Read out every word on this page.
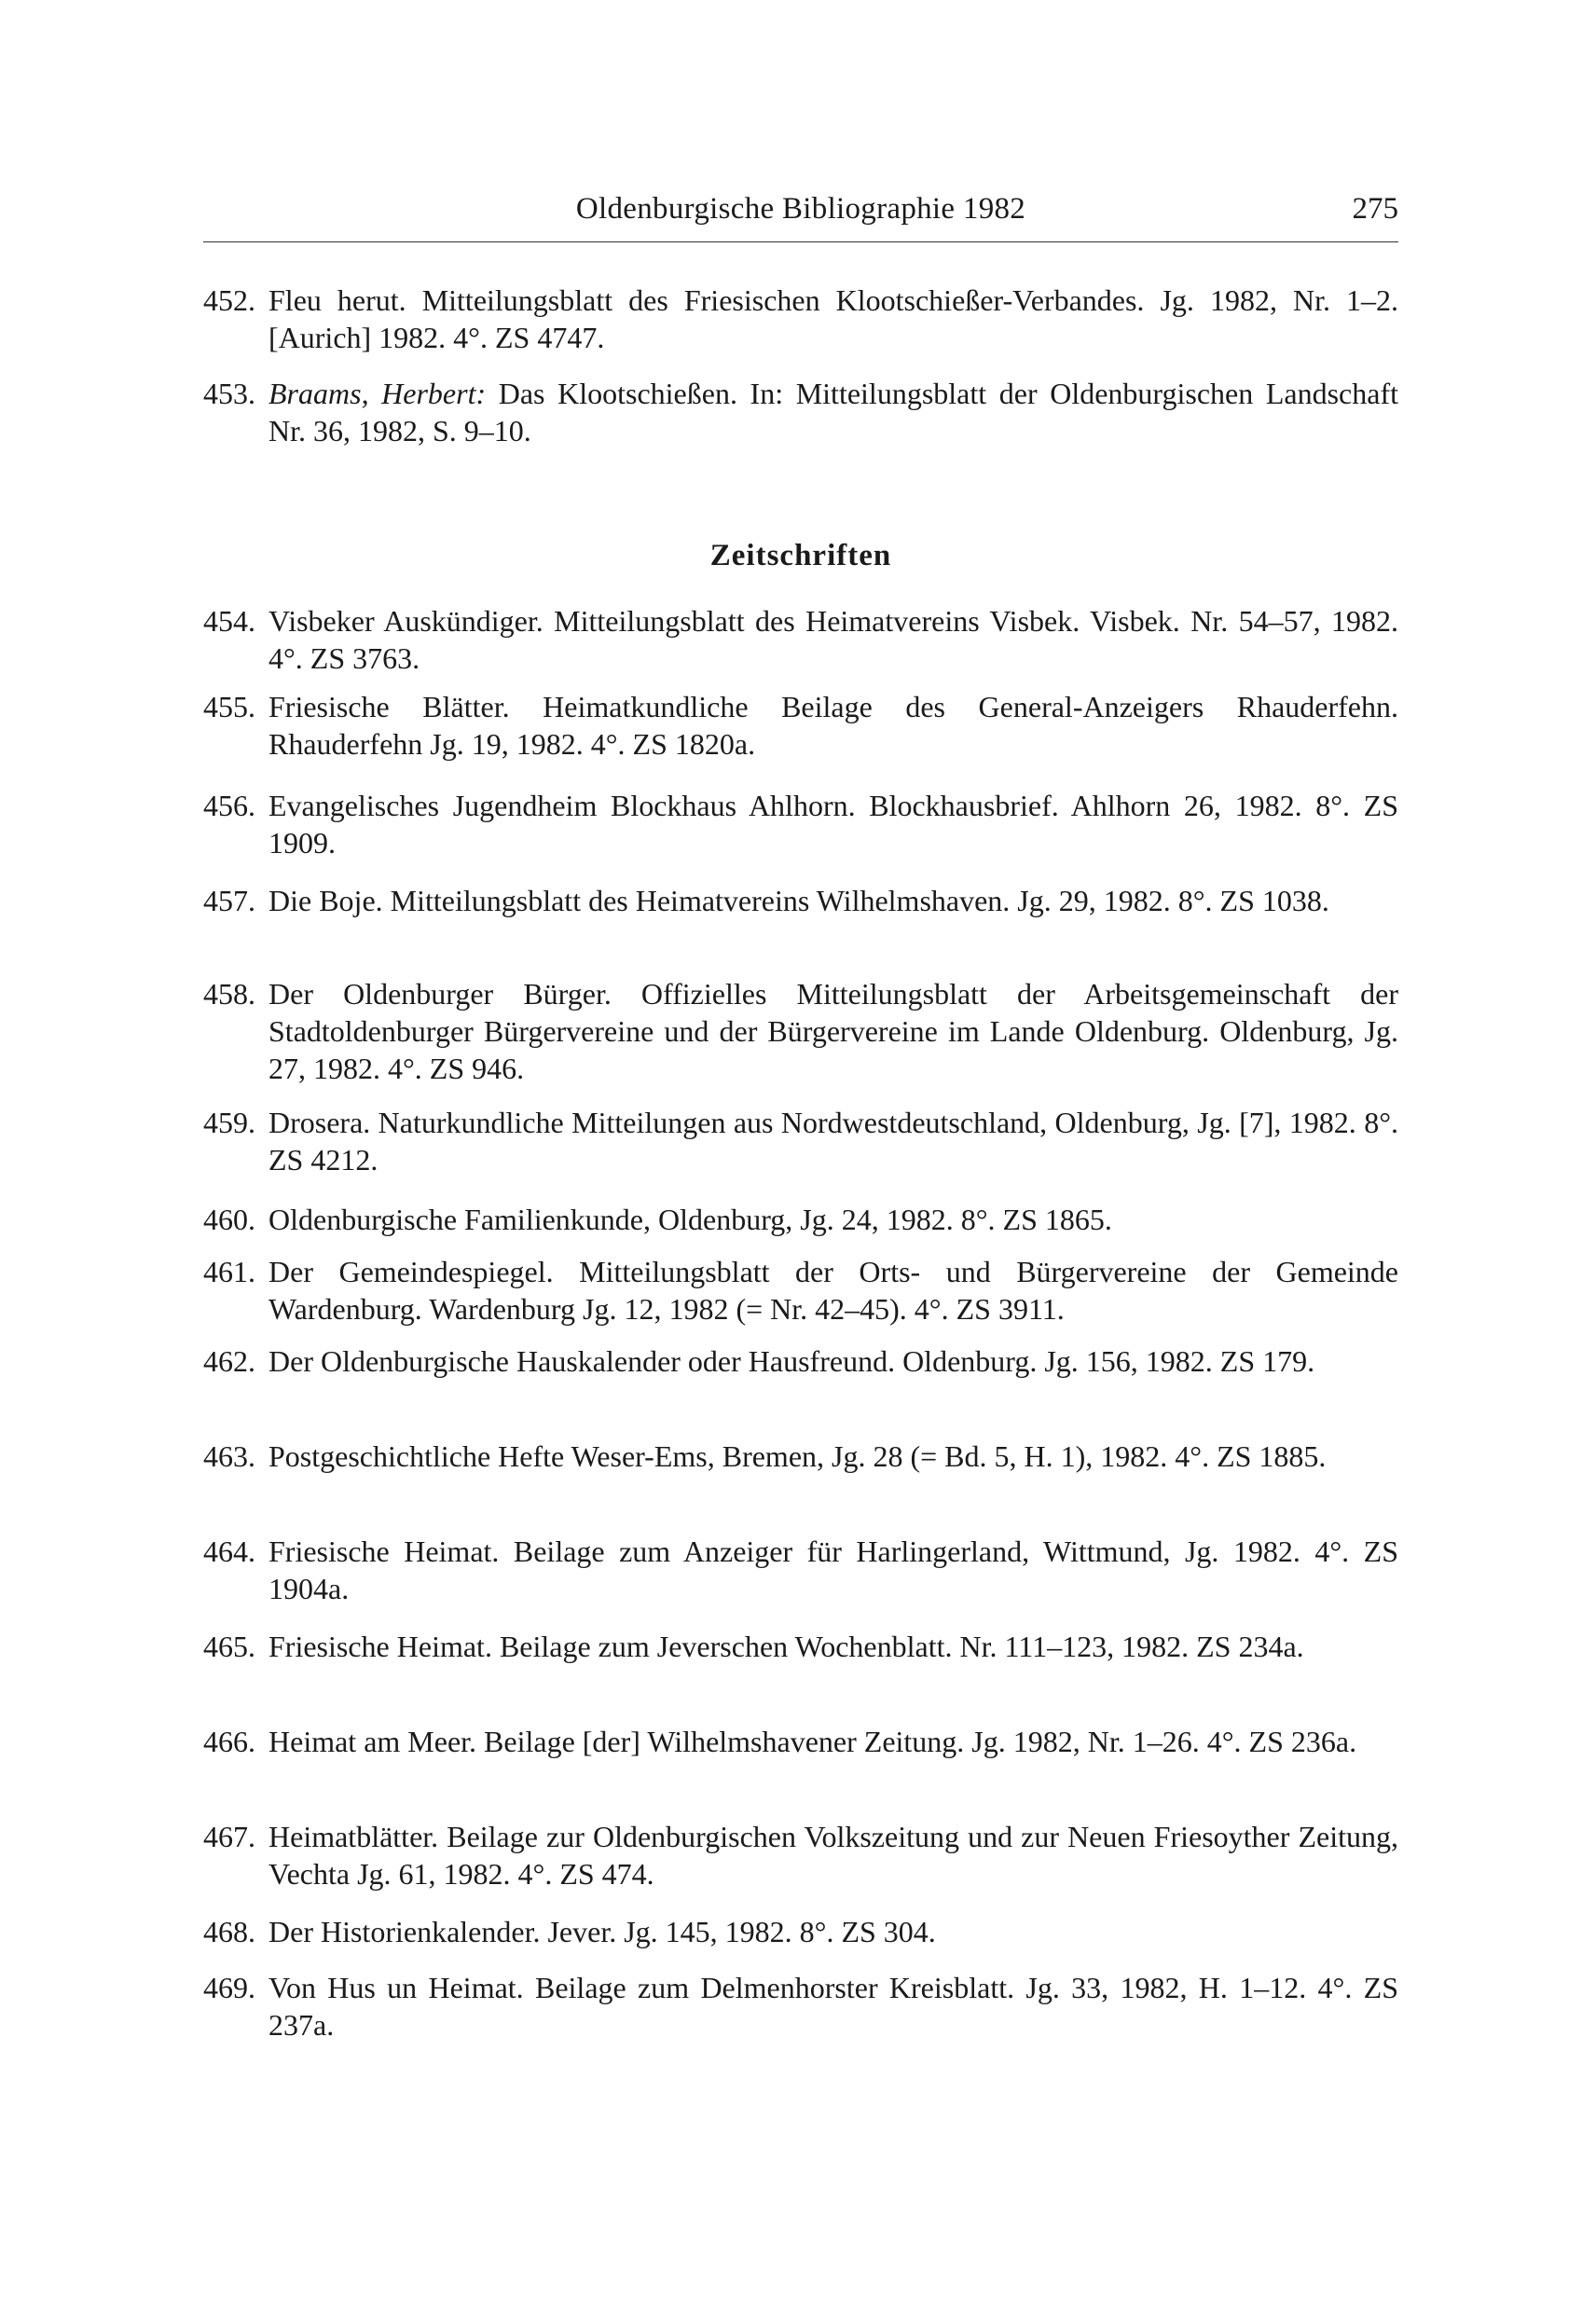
Oldenburgische Bibliographie 1982	275
Zeitschriften
452. Fleu herut. Mitteilungsblatt des Friesischen Klootschießer-Verbandes. Jg. 1982, Nr. 1–2. [Aurich] 1982. 4°. ZS 4747.
453. Braams, Herbert: Das Klootschießen. In: Mitteilungsblatt der Oldenburgischen Landschaft Nr. 36, 1982, S. 9–10.
454. Visbeker Auskündiger. Mitteilungsblatt des Heimatvereins Visbek. Visbek. Nr. 54–57, 1982. 4°. ZS 3763.
455. Friesische Blätter. Heimatkundliche Beilage des General-Anzeigers Rhauderfehn. Rhauderfehn Jg. 19, 1982. 4°. ZS 1820a.
456. Evangelisches Jugendheim Blockhaus Ahlhorn. Blockhausbrief. Ahlhorn 26, 1982. 8°. ZS 1909.
457. Die Boje. Mitteilungsblatt des Heimatvereins Wilhelmshaven. Jg. 29, 1982. 8°. ZS 1038.
458. Der Oldenburger Bürger. Offizielles Mitteilungsblatt der Arbeitsgemeinschaft der Stadtoldenburger Bürgervereine und der Bürgervereine im Lande Oldenburg. Oldenburg, Jg. 27, 1982. 4°. ZS 946.
459. Drosera. Naturkundliche Mitteilungen aus Nordwestdeutschland, Oldenburg, Jg. [7], 1982. 8°. ZS 4212.
460. Oldenburgische Familienkunde, Oldenburg, Jg. 24, 1982. 8°. ZS 1865.
461. Der Gemeindespiegel. Mitteilungsblatt der Orts- und Bürgervereine der Gemeinde Wardenburg. Wardenburg Jg. 12, 1982 (= Nr. 42–45). 4°. ZS 3911.
462. Der Oldenburgische Hauskalender oder Hausfreund. Oldenburg. Jg. 156, 1982. ZS 179.
463. Postgeschichtliche Hefte Weser-Ems, Bremen, Jg. 28 (= Bd. 5, H. 1), 1982. 4°. ZS 1885.
464. Friesische Heimat. Beilage zum Anzeiger für Harlingerland, Wittmund, Jg. 1982. 4°. ZS 1904a.
465. Friesische Heimat. Beilage zum Jeverschen Wochenblatt. Nr. 111–123, 1982. ZS 234a.
466. Heimat am Meer. Beilage [der] Wilhelmshavener Zeitung. Jg. 1982, Nr. 1–26. 4°. ZS 236a.
467. Heimatblätter. Beilage zur Oldenburgischen Volkszeitung und zur Neuen Friesoyther Zeitung, Vechta Jg. 61, 1982. 4°. ZS 474.
468. Der Historienkalender. Jever. Jg. 145, 1982. 8°. ZS 304.
469. Von Hus un Heimat. Beilage zum Delmenhorster Kreisblatt. Jg. 33, 1982, H. 1–12. 4°. ZS 237a.
